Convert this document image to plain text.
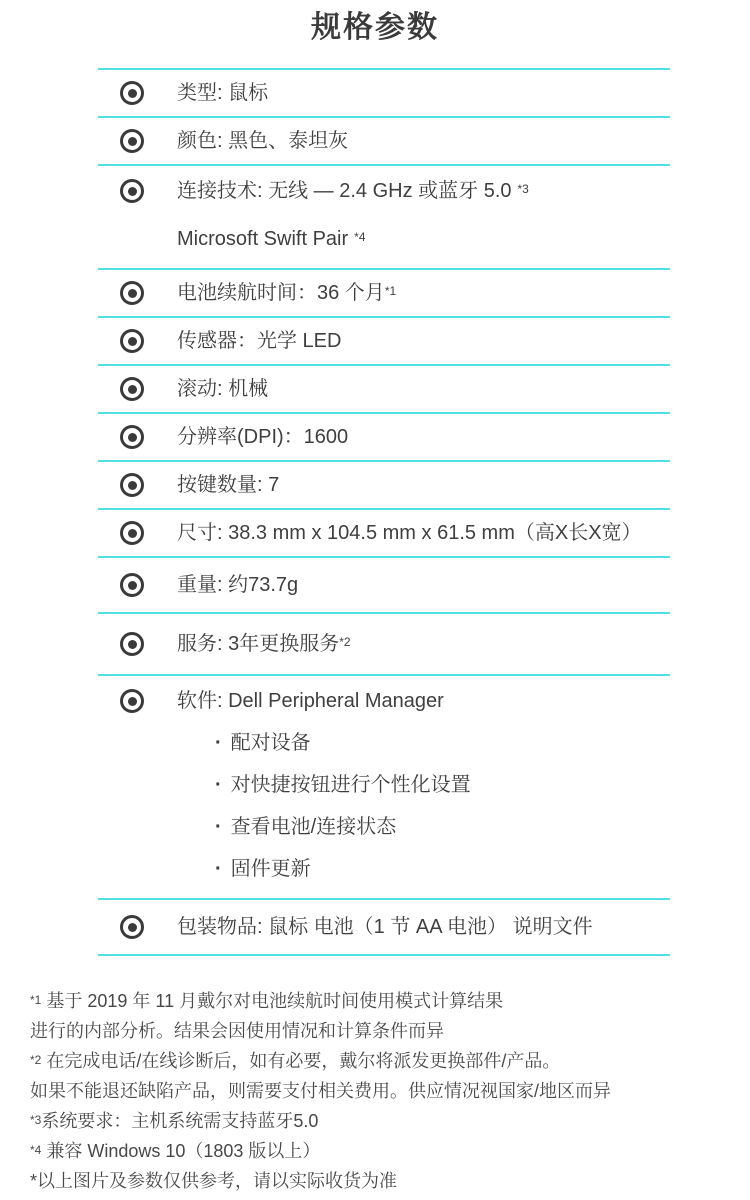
规格参数
类型: 鼠标
颜色: 黑色、泰坦灰
连接技术: 无线 — 2.4 GHz 或蓝牙 5.0 $^{*3}$
Microsoft Swift Pair $^{*4}$
电池续航时间：36 个月$^{*1}$
传感器：光学 LED
滚动: 机械
分辨率(DPI)：1600
按键数量: 7
尺寸: 38.3 mm x 104.5 mm x 61.5 mm（高X长X宽）
重量: 约73.7g
服务: 3年更换服务$^{*2}$
软件: Dell Peripheral Manager
· 配对设备
· 对快捷按钮进行个性化设置
· 查看电池/连接状态
· 固件更新
包装物品: 鼠标 电池（1 节 AA 电池） 说明文件

$^{*1}$ 基于 2019 年 11 月戴尔对电池续航时间使用模式计算结果

进行的内部分析。结果会因使用情况和计算条件而异

$^{*2}$ 在完成电话/在线诊断后，如有必要，戴尔将派发更换部件/产品。

如果不能退还缺陷产品，则需要支付相关费用。供应情况视国家/地区而异

$^{*3}$系统要求：主机系统需支持蓝牙5.0

$^{*4}$ 兼容 Windows 10（1803 版以上）

*以上图片及参数仅供参考，请以实际收货为准
